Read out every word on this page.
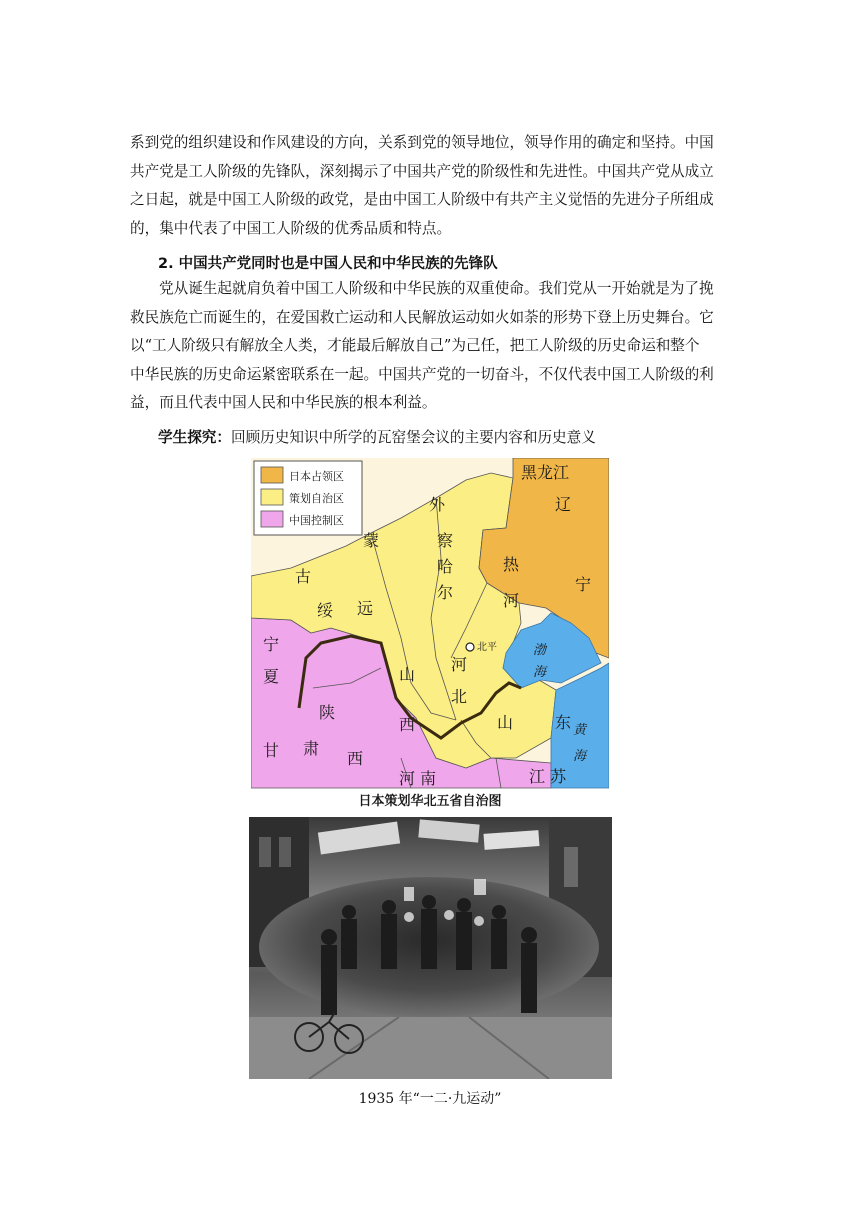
系到党的组织建设和作风建设的方向，关系到党的领导地位，领导作用的确定和坚持。中国
共产党是工人阶级的先锋队，深刻揭示了中国共产党的阶级性和先进性。中国共产党从成立
之日起，就是中国工人阶级的政党，是由中国工人阶级中有共产主义觉悟的先进分子所组成
的，集中代表了中国工人阶级的优秀品质和特点。
2. 中国共产党同时也是中国人民和中华民族的先锋队
党从诞生起就肩负着中国工人阶级和中华民族的双重使命。我们党从一开始就是为了挽
救民族危亡而诞生的，在爱国救亡运动和人民解放运动如火如荼的形势下登上历史舞台。它
以“工人阶级只有解放全人类，才能最后解放自己”为己任，把工人阶级的历史命运和整个
中华民族的历史命运紧密联系在一起。中国共产党的一切奋斗，不仅代表中国工人阶级的利
益，而且代表中国人民和中华民族的根本利益。
学生探究：回顾历史知识中所学的瓦窑堡会议的主要内容和历史意义
日本占领区
策划自治区
中国控制区
黑龙江
外
蒙
古
察
哈
尔
热
河
辽
宁
绥 远
宁
夏	山
西
河
北
陕
西
甘 肃
山	东
河 南	江 苏
渤
海
黄
海
北平
日本策划华北五省自治图
1935 年“一二·九运动”
